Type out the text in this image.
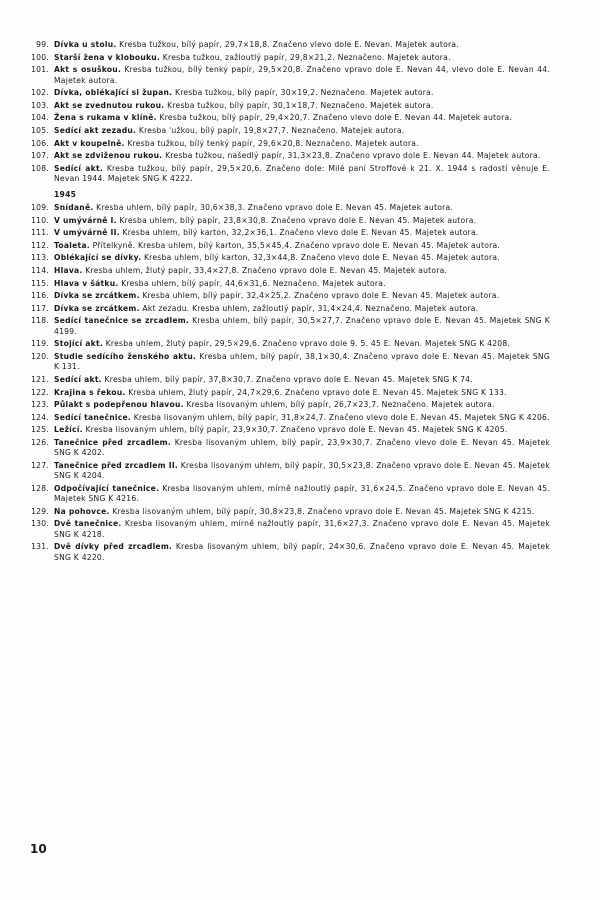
99. Dívka u stolu. Kresba tužkou, bílý papír, 29,7×18,8. Značeno vlevo dole E. Nevan. Majetek autora.
100. Starší žena v klobouku. Kresba tužkou, zažloutlý papír, 29,8×21,2. Neznačeno. Majetek autora.
101. Akt s osuškou. Kresba tužkou, bílý tenký papír, 29,5×20,8. Značeno vpravo dole E. Nevan 44, vlevo dole E. Nevan 44. Majetek autora.
102. Dívka, oblékající si župan. Kresba tužkou, bílý papír, 30×19,2. Neznačeno. Majetek autora.
103. Akt se zvednutou rukou. Kresba tužkou, bílý papír, 30,1×18,7. Neznačeno. Majetek autora.
104. Žena s rukama v klíně. Kresba tužkou, bílý papír, 29,4×20,7. Značeno vlevo dole E. Nevan 44. Majetek autora.
105. Sedící akt zezadu. Kresba ˈužkou, bílý papír, 19,8×27,7. Neznačeno. Matejek autora.
106. Akt v koupelně. Kresba tužkou, bílý tenký papír, 29,6×20,8. Neznačeno. Majetek autora.
107. Akt se zdviženou rukou. Kresba tužkou, našedlý papír, 31,3×23,8. Značeno vpravo dole E. Nevan 44. Majetek autora.
108. Sedící akt. Kresba tužkou, bílý papír, 29,5×20,6. Značeno dole: Milé paní Stroffové k 21. X. 1944 s radostí věnuje E. Nevan 1944. Majetek SNG K 4222.
1945
109. Snídaně. Kresba uhlem, bílý papír, 30,6×38,3. Značeno vpravo dole E. Nevan 45. Majetek autora.
110. V umývárně I. Kresba uhlem, bílý papír, 23,8×30,8. Značeno vpravo dole E. Nevan 45. Majetek autora.
111. V umývárně II. Kresba uhlem, bílý karton, 32,2×36,1. Značeno vlevo dole E. Nevan 45. Majetek autora.
112. Toaleta. Přítelkyně. Kresba uhlem, bílý karton, 35,5×45,4. Značeno vpravo dole E. Nevan 45. Majetek autora.
113. Oblékající se dívky. Kresba uhlem, bílý karton, 32,3×44,8. Značeno vlevo dole E. Nevan 45. Majetek autora.
114. Hlava. Kresba uhlem, žlutý papír, 33,4×27,8. Značeno vpravo dole E. Nevan 45. Majetek autora.
115. Hlava v šátku. Kresba uhlem, bílý papír, 44,6×31,6. Neznačeno. Majetek autora.
116. Dívka se zrcátkem. Kresba uhlem, bílý papír, 32,4×25,2. Značeno vpravo dole E. Nevan 45. Majetek autora.
117. Dívka se zrcátkem. Akt zezadu. Kresba uhlem, zažloutlý papír, 31,4×24,4. Neznačeno. Majetek autora.
118. Sedící tanečnice se zrcadlem. Kresba uhlem, bílý papír, 30,5×27,7. Značeno vpravo dole E. Nevan 45. Majetek SNG K 4199.
119. Stojící akt. Kresba uhlem, žlutý papír, 29,5×29,6. Značeno vpravo dole 9. 5. 45 E. Nevan. Majetek SNG K 4208.
120. Studie sedícího ženského aktu. Kresba uhlem, bílý papír, 38,1×30,4. Značeno vpravo dole E. Nevan 45. Majetek SNG K 131.
121. Sedící akt. Kresba uhlem, bílý papír, 37,8×30,7. Značeno vpravo dole E. Nevan 45. Majetek SNG K 74.
122. Krajina s řekou. Kresba uhlem, žlutý papír, 24,7×29,6. Značeno vpravo dole E. Nevan 45. Majetek SNG K 133.
123. Půlakt s podepřenou hlavou. Kresba lisovaným uhlem, bílý papír, 26,7×23,7. Neznačeno. Majetek autora.
124. Sedící tanečnice. Kresba lisovaným uhlem, bílý papír, 31,8×24,7. Značeno vlevo dole E. Nevan 45. Majetek SNG K 4206.
125. Ležící. Kresba lisovaným uhlem, bílý papír, 23,9×30,7. Značeno vpravo dole E. Nevan 45. Majetek SNG K 4205.
126. Tanečnice před zrcadlem. Kresba lisovaným uhlem, bílý papír, 23,9×30,7. Značeno vlevo dole E. Nevan 45. Majetek SNG K 4202.
127. Tanečnice před zrcadlem II. Kresba lisovaným uhlem, bílý papír, 30,5×23,8. Značeno vpravo dole E. Nevan 45. Majetek SNG K 4204.
128. Odpočívající tanečnice. Kresba lisovaným uhlem, mírně nažloutlý papír, 31,6×24,5. Značeno vpravo dole E. Nevan 45. Majetek SNG K 4216.
129. Na pohovce. Kresba lisovaným uhlem, bílý papír, 30,8×23,8. Značeno vpravo dole E. Nevan 45. Majetek SNG K 4215.
130. Dvě tanečnice. Kresba lisovaným uhlem, mírně nažloutlý papír, 31,6×27,3. Značeno vpravo dole E. Nevan 45. Majetek SNG K 4218.
131. Dvě dívky před zrcadlem. Kresba lisovaným uhlem, bílý papír, 24×30,6. Značeno vpravo dole E. Nevan 45. Majetek SNG K 4220.
10
